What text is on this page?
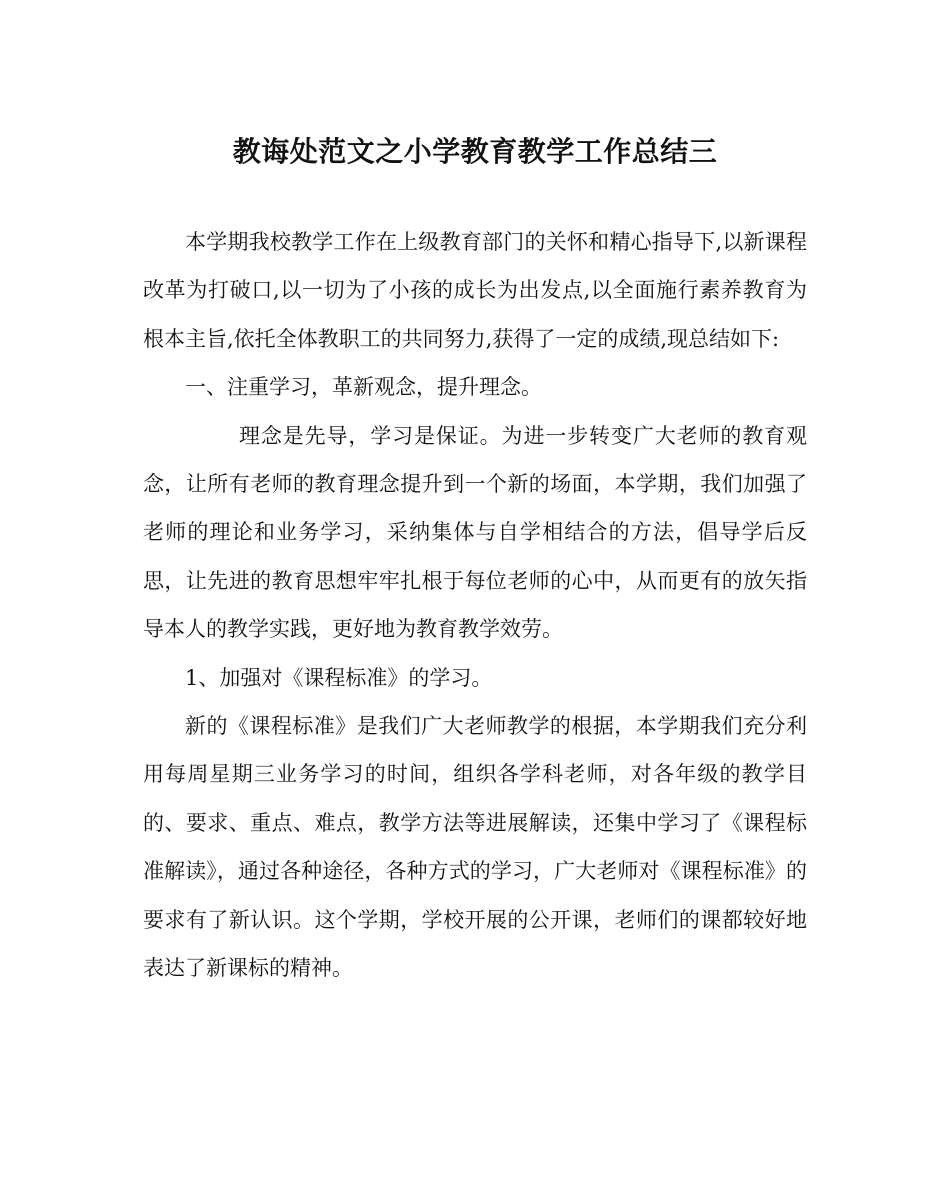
教诲处范文之小学教育教学工作总结三

本学期我校教学工作在上级教育部门的关怀和精心指导下,以新课程改革为打破口,以一切为了小孩的成长为出发点,以全面施行素养教育为根本主旨,依托全体教职工的共同努力,获得了一定的成绩,现总结如下:

一、注重学习，革新观念，提升理念。

理念是先导，学习是保证。为进一步转变广大老师的教育观念，让所有老师的教育理念提升到一个新的场面，本学期，我们加强了老师的理论和业务学习，采纳集体与自学相结合的方法，倡导学后反思，让先进的教育思想牢牢扎根于每位老师的心中，从而更有的放矢指导本人的教学实践，更好地为教育教学效劳。

1、加强对《课程标准》的学习。

新的《课程标准》是我们广大老师教学的根据，本学期我们充分利用每周星期三业务学习的时间，组织各学科老师，对各年级的教学目的、要求、重点、难点，教学方法等进展解读，还集中学习了《课程标准解读》，通过各种途径，各种方式的学习，广大老师对《课程标准》的要求有了新认识。这个学期，学校开展的公开课，老师们的课都较好地表达了新课标的精神。
